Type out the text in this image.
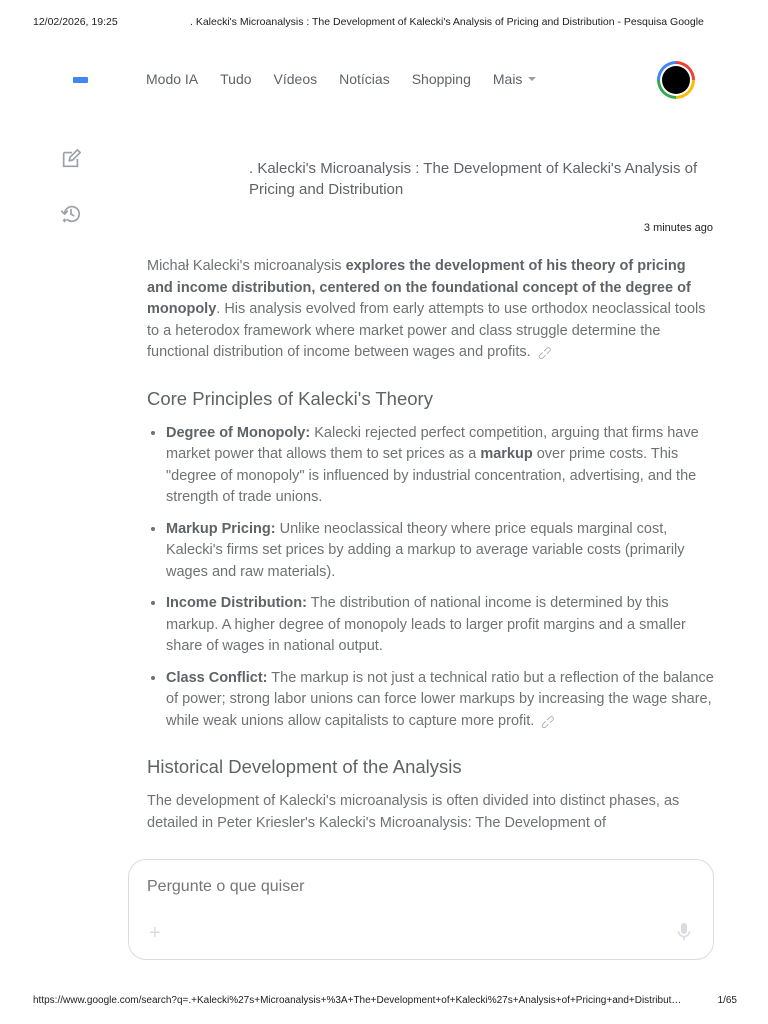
12/02/2026, 19:25	. Kalecki's Microanalysis : The Development of Kalecki's Analysis of Pricing and Distribution - Pesquisa Google
Modo IA Tudo Vídeos Notícias Shopping Mais
. Kalecki's Microanalysis : The Development of Kalecki's Analysis of Pricing and Distribution
3 minutes ago

Michał Kalecki's microanalysis explores the development of his theory of pricing and income distribution, centered on the foundational concept of the degree of monopoly. His analysis evolved from early attempts to use orthodox neoclassical tools to a heterodox framework where market power and class struggle determine the functional distribution of income between wages and profits. ⊂⊃

Core Principles of Kalecki's Theory
• Degree of Monopoly: Kalecki rejected perfect competition, arguing that firms have market power that allows them to set prices as a markup over prime costs. This "degree of monopoly" is influenced by industrial concentration, advertising, and the strength of trade unions.
• Markup Pricing: Unlike neoclassical theory where price equals marginal cost, Kalecki's firms set prices by adding a markup to average variable costs (primarily wages and raw materials).
• Income Distribution: The distribution of national income is determined by this markup. A higher degree of monopoly leads to larger profit margins and a smaller share of wages in national output.
• Class Conflict: The markup is not just a technical ratio but a reflection of the balance of power; strong labor unions can force lower markups by increasing the wage share, while weak unions allow capitalists to capture more profit. ⊂⊃
Historical Development of the Analysis

The development of Kalecki's microanalysis is often divided into distinct phases, as detailed in Peter Kriesler's Kalecki's Microanalysis: The Development of

Pergunte o que quiser
+
https://www.google.com/search?q=.+Kalecki%27s+Microanalysis+%3A+The+Development+of+Kalecki%27s+Analysis+of+Pricing+and+Distribut…	1/65
